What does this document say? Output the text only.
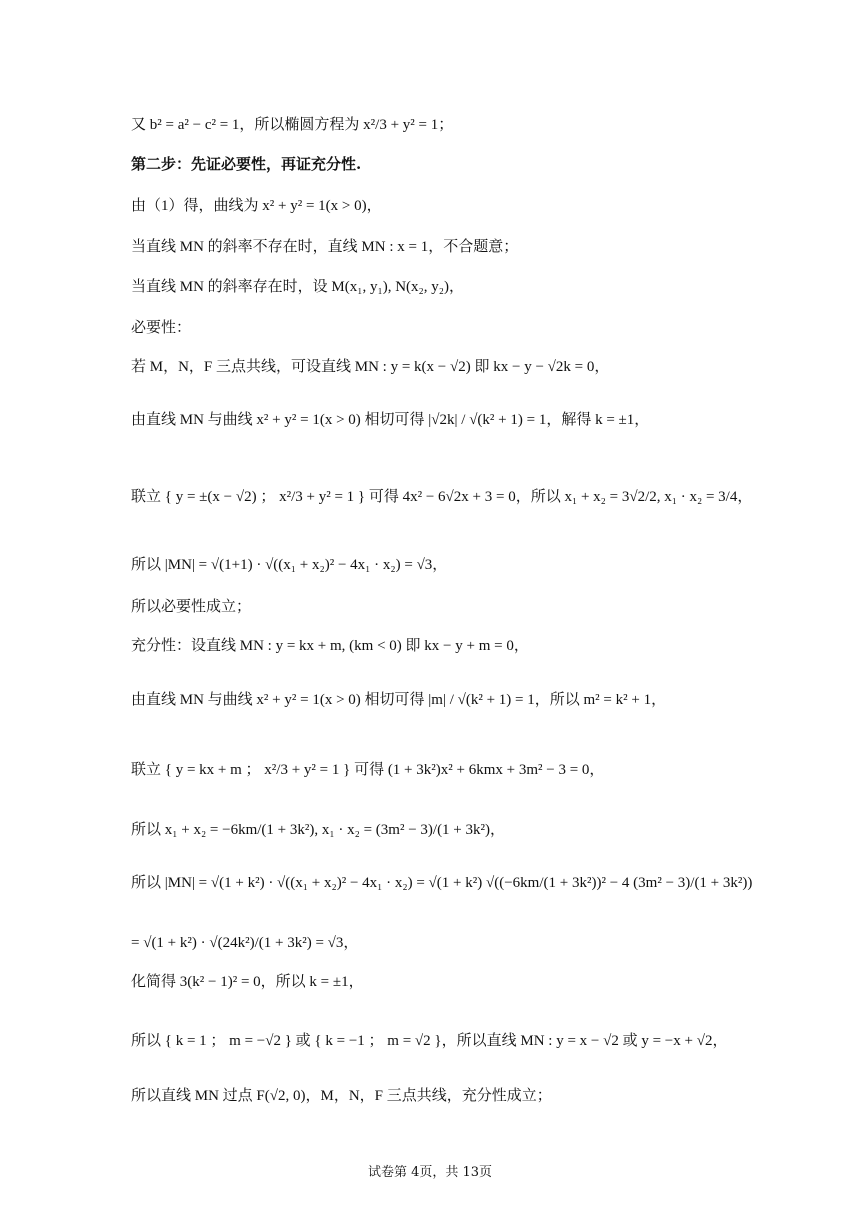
又 b² = a² − c² = 1，所以椭圆方程为 x²/3 + y² = 1；
第二步：先证必要性，再证充分性.
由（1）得，曲线为 x² + y² = 1(x > 0)，
当直线 MN 的斜率不存在时，直线 MN : x = 1，不合题意；
当直线 MN 的斜率存在时，设 M(x₁, y₁), N(x₂, y₂)，
必要性：
若 M，N，F 三点共线，可设直线 MN : y = k(x − √2) 即 kx − y − √2k = 0，
由直线 MN 与曲线 x² + y² = 1(x > 0) 相切可得 |√2k| / √(k² + 1) = 1，解得 k = ±1，
联立 { y = ±(x − √2) ； x²/3 + y² = 1 } 可得 4x² − 6√2x + 3 = 0，所以 x₁ + x₂ = 3√2/2, x₁ · x₂ = 3/4，
所以 |MN| = √(1+1) · √((x₁ + x₂)² − 4x₁ · x₂) = √3，
所以必要性成立；
充分性：设直线 MN : y = kx + m, (km < 0) 即 kx − y + m = 0，
由直线 MN 与曲线 x² + y² = 1(x > 0) 相切可得 |m| / √(k² + 1) = 1，所以 m² = k² + 1，
联立 { y = kx + m ； x²/3 + y² = 1 } 可得 (1 + 3k²)x² + 6kmx + 3m² − 3 = 0，
所以 x₁ + x₂ = −6km/(1 + 3k²), x₁ · x₂ = (3m² − 3)/(1 + 3k²)，
所以 |MN| = √(1 + k²) · √((x₁ + x₂)² − 4x₁ · x₂) = √(1 + k²) √((−6km/(1 + 3k²))² − 4 (3m² − 3)/(1 + 3k²))
= √(1 + k²) · √(24k²)/(1 + 3k²) = √3，
化简得 3(k² − 1)² = 0，所以 k = ±1，
所以 { k = 1 ； m = −√2 } 或 { k = −1 ； m = √2 }，所以直线 MN : y = x − √2 或 y = −x + √2，
所以直线 MN 过点 F(√2, 0)，M，N，F 三点共线，充分性成立；
试卷第 4页，共 13页
